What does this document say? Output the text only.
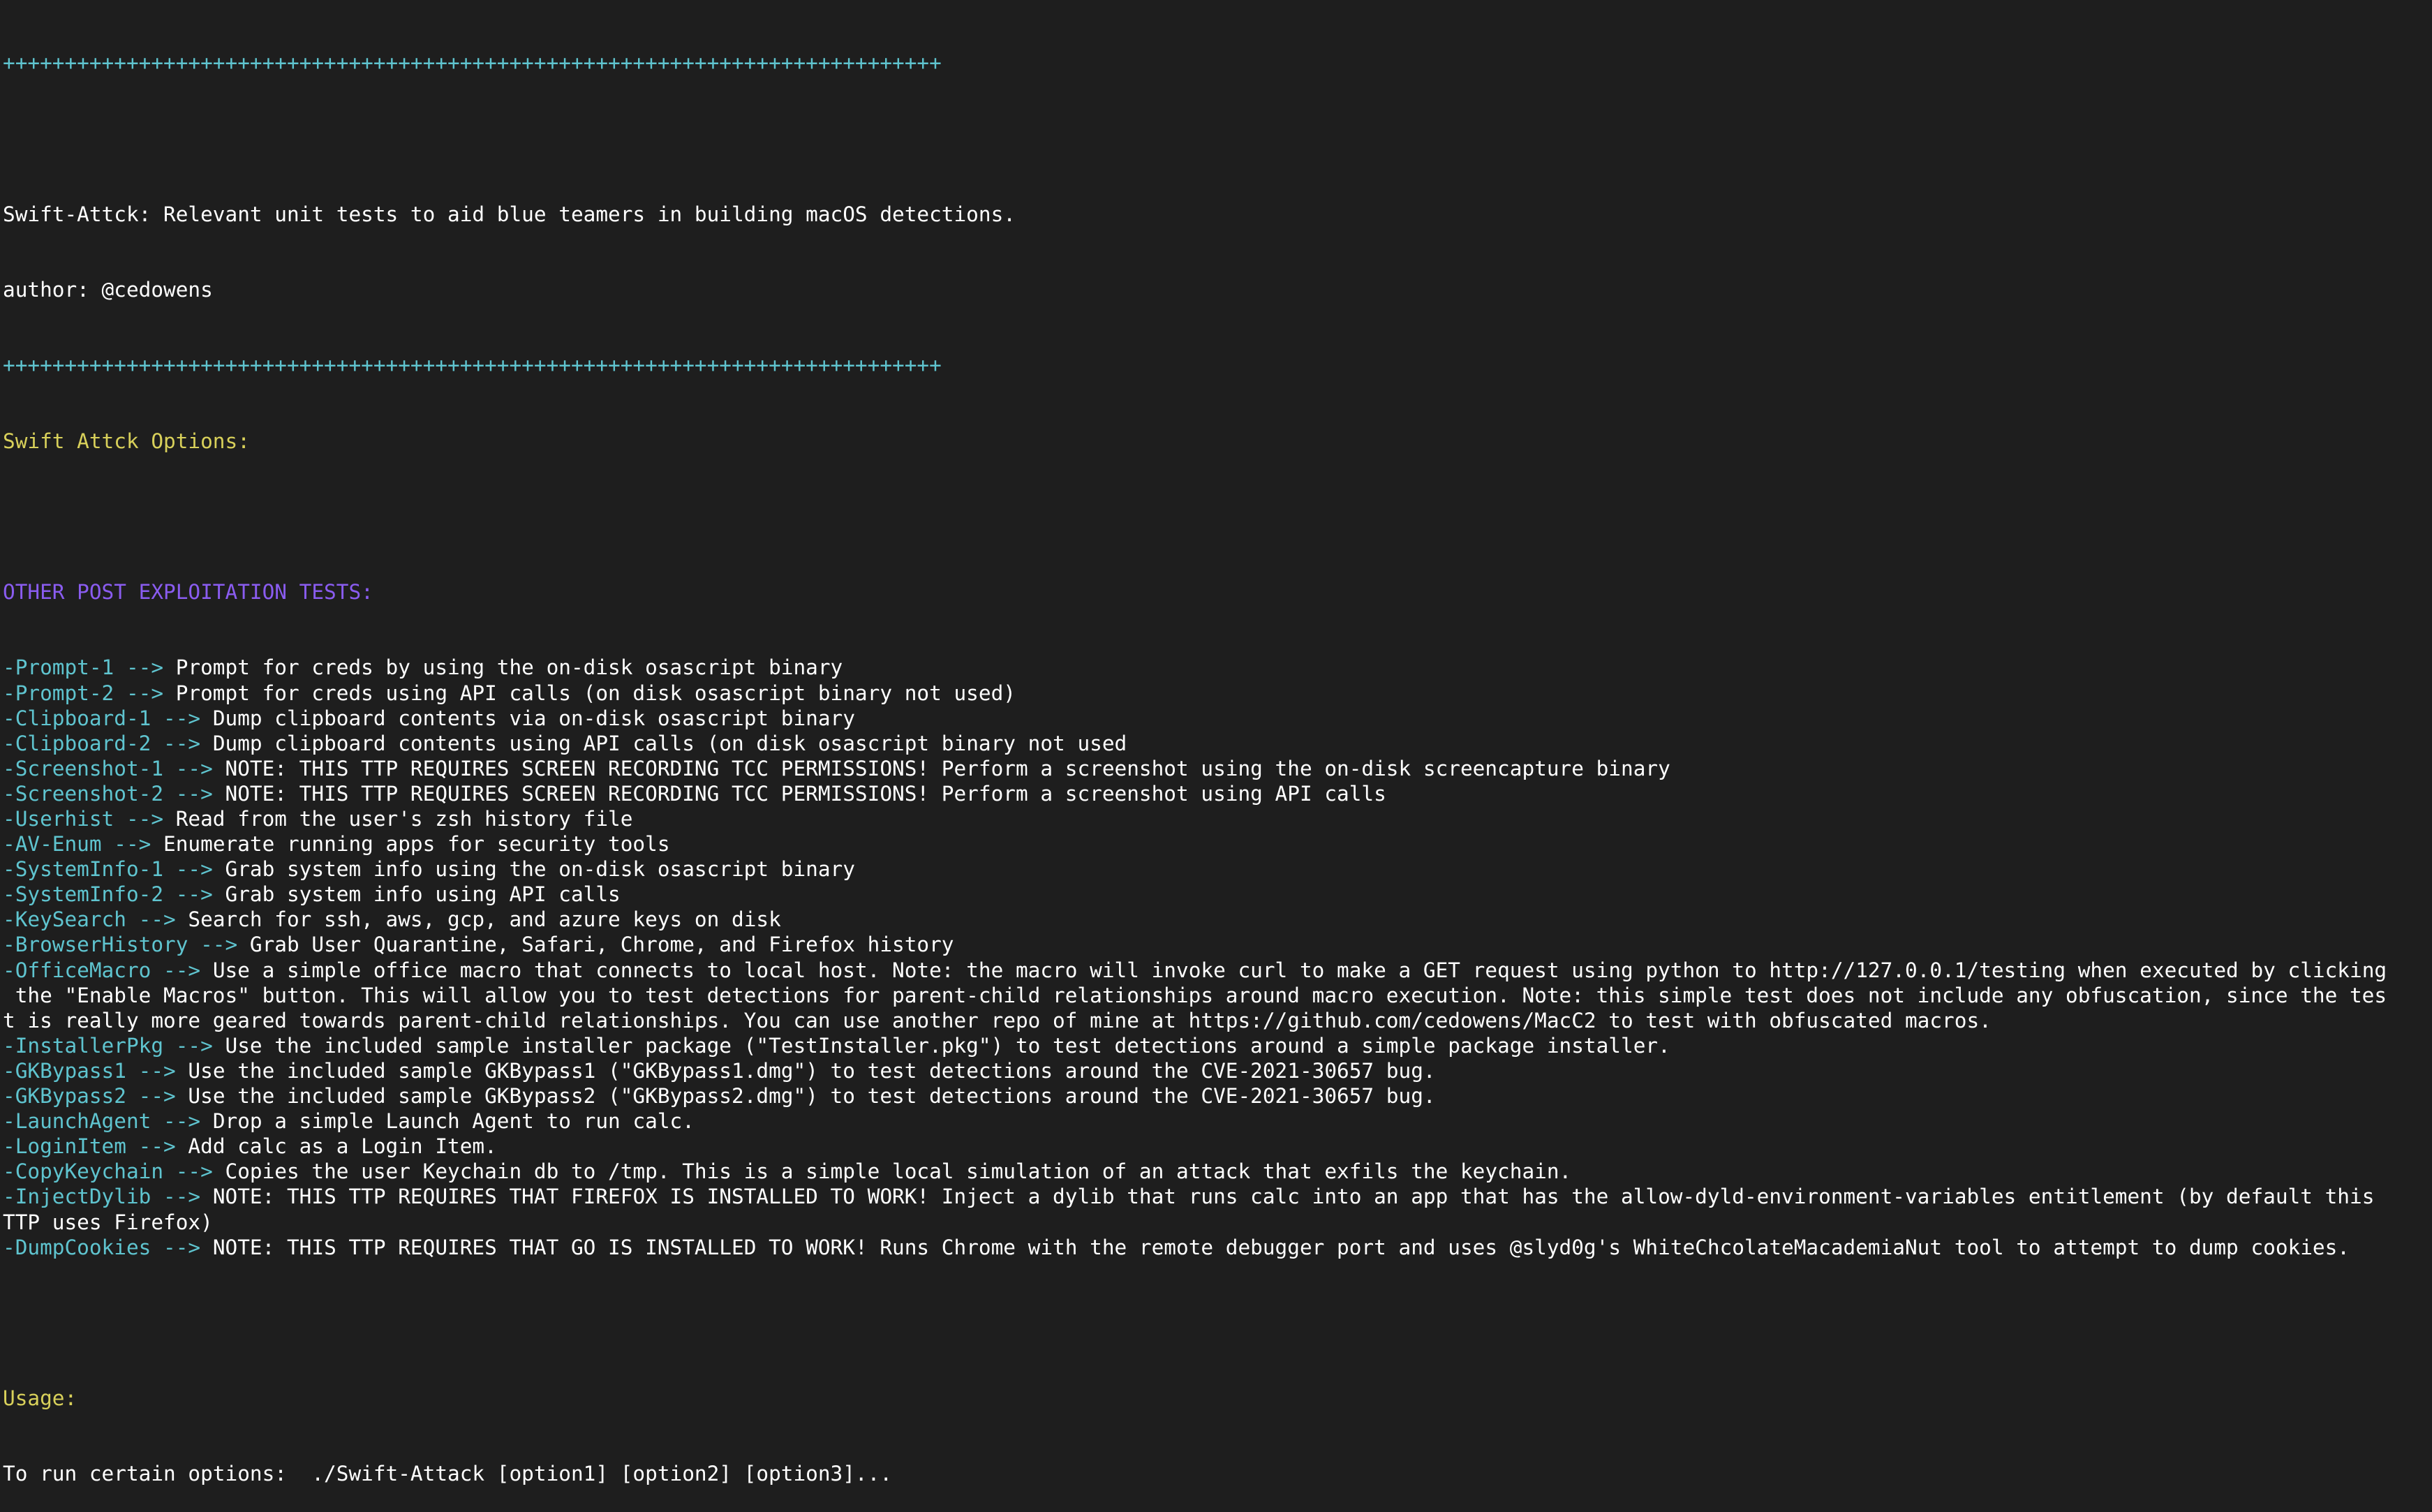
++++++++++++++++++++++++++++++++++++++++++++++++++++++++++++++++++++++++++++

Swift-Attck: Relevant unit tests to aid blue teamers in building macOS detections.

author: @cedowens

++++++++++++++++++++++++++++++++++++++++++++++++++++++++++++++++++++++++++++

Swift Attck Options:

OTHER POST EXPLOITATION TESTS:

-Prompt-1 --> Prompt for creds by using the on-disk osascript binary
-Prompt-2 --> Prompt for creds using API calls (on disk osascript binary not used)
-Clipboard-1 --> Dump clipboard contents via on-disk osascript binary
-Clipboard-2 --> Dump clipboard contents using API calls (on disk osascript binary not used
-Screenshot-1 --> NOTE: THIS TTP REQUIRES SCREEN RECORDING TCC PERMISSIONS! Perform a screenshot using the on-disk screencapture binary
-Screenshot-2 --> NOTE: THIS TTP REQUIRES SCREEN RECORDING TCC PERMISSIONS! Perform a screenshot using API calls
-Userhist --> Read from the user's zsh history file
-AV-Enum --> Enumerate running apps for security tools
-SystemInfo-1 --> Grab system info using the on-disk osascript binary
-SystemInfo-2 --> Grab system info using API calls
-KeySearch --> Search for ssh, aws, gcp, and azure keys on disk
-BrowserHistory --> Grab User Quarantine, Safari, Chrome, and Firefox history
-OfficeMacro --> Use a simple office macro that connects to local host. Note: the macro will invoke curl to make a GET request using python to http://127.0.0.1/testing when executed by clicking
the "Enable Macros" button. This will allow you to test detections for parent-child relationships around macro execution. Note: this simple test does not include any obfuscation, since the tes
t is really more geared towards parent-child relationships. You can use another repo of mine at https://github.com/cedowens/MacC2 to test with obfuscated macros.
-InstallerPkg --> Use the included sample installer package ("TestInstaller.pkg") to test detections around a simple package installer.
-GKBypass1 --> Use the included sample GKBypass1 ("GKBypass1.dmg") to test detections around the CVE-2021-30657 bug.
-GKBypass2 --> Use the included sample GKBypass2 ("GKBypass2.dmg") to test detections around the CVE-2021-30657 bug.
-LaunchAgent --> Drop a simple Launch Agent to run calc.
-LoginItem --> Add calc as a Login Item.
-CopyKeychain --> Copies the user Keychain db to /tmp. This is a simple local simulation of an attack that exfils the keychain.
-InjectDylib --> NOTE: THIS TTP REQUIRES THAT FIREFOX IS INSTALLED TO WORK! Inject a dylib that runs calc into an app that has the allow-dyld-environment-variables entitlement (by default this
TTP uses Firefox)
-DumpCookies --> NOTE: THIS TTP REQUIRES THAT GO IS INSTALLED TO WORK! Runs Chrome with the remote debugger port and uses @slyd0g's WhiteChcolateMacademiaNut tool to attempt to dump cookies.

Usage:

To run certain options:  ./Swift-Attack [option1] [option2] [option3]...
